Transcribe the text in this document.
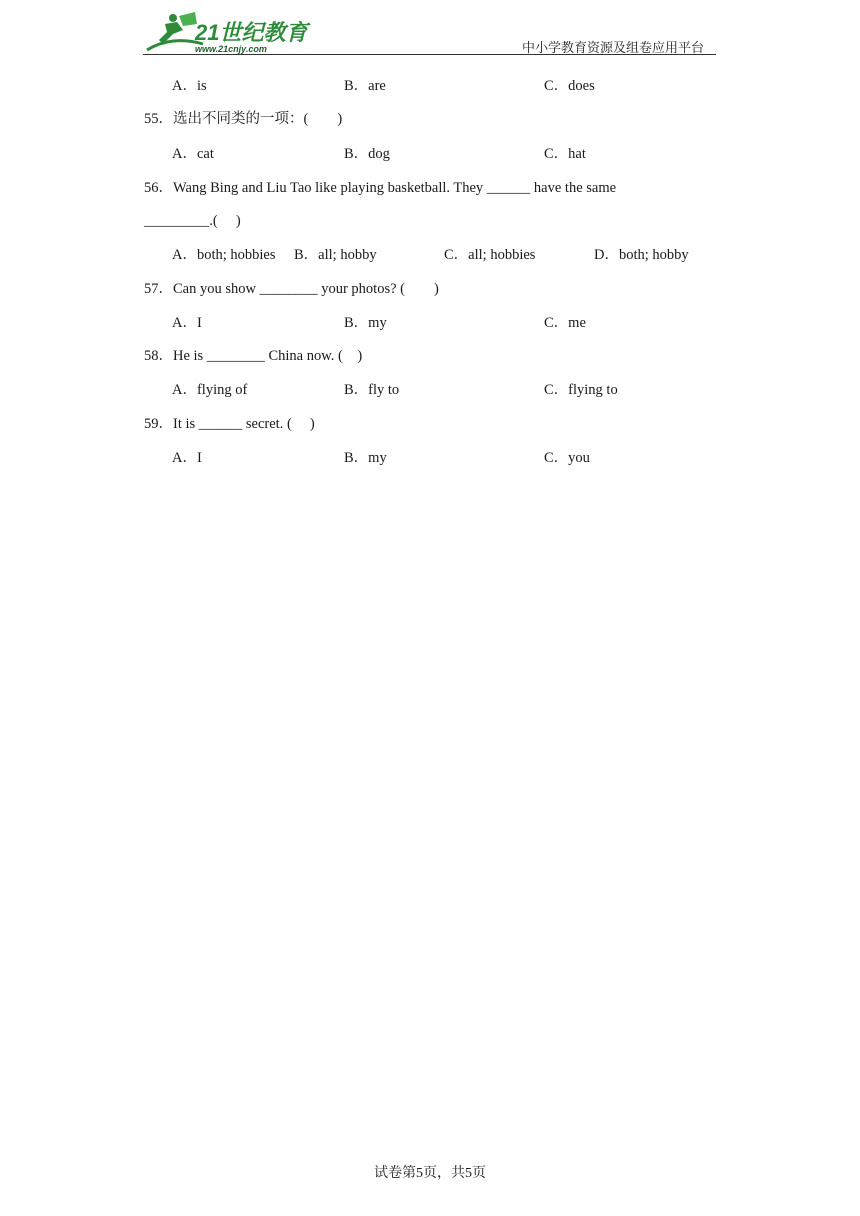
21世纪教育
www.21cnjy.com	中小学教育资源及组卷应用平台
A．is	B．are	C．does
55．选出不同类的一项：(　　)
A．cat	B．dog	C．hat
56．Wang Bing and Liu Tao like playing basketball. They ______ have the same
_________.(　 )
A．both; hobbies B．all; hobby	C．all; hobbies	D．both; hobby
57．Can you show ________ your photos? (　　)
A．I	B．my	C．me
58．He is ________ China now. (　)
A．flying of	B．fly to	C．flying to
59．It is ______ secret. (　 )
A．I	B．my	C．you
试卷第5页，共5页
